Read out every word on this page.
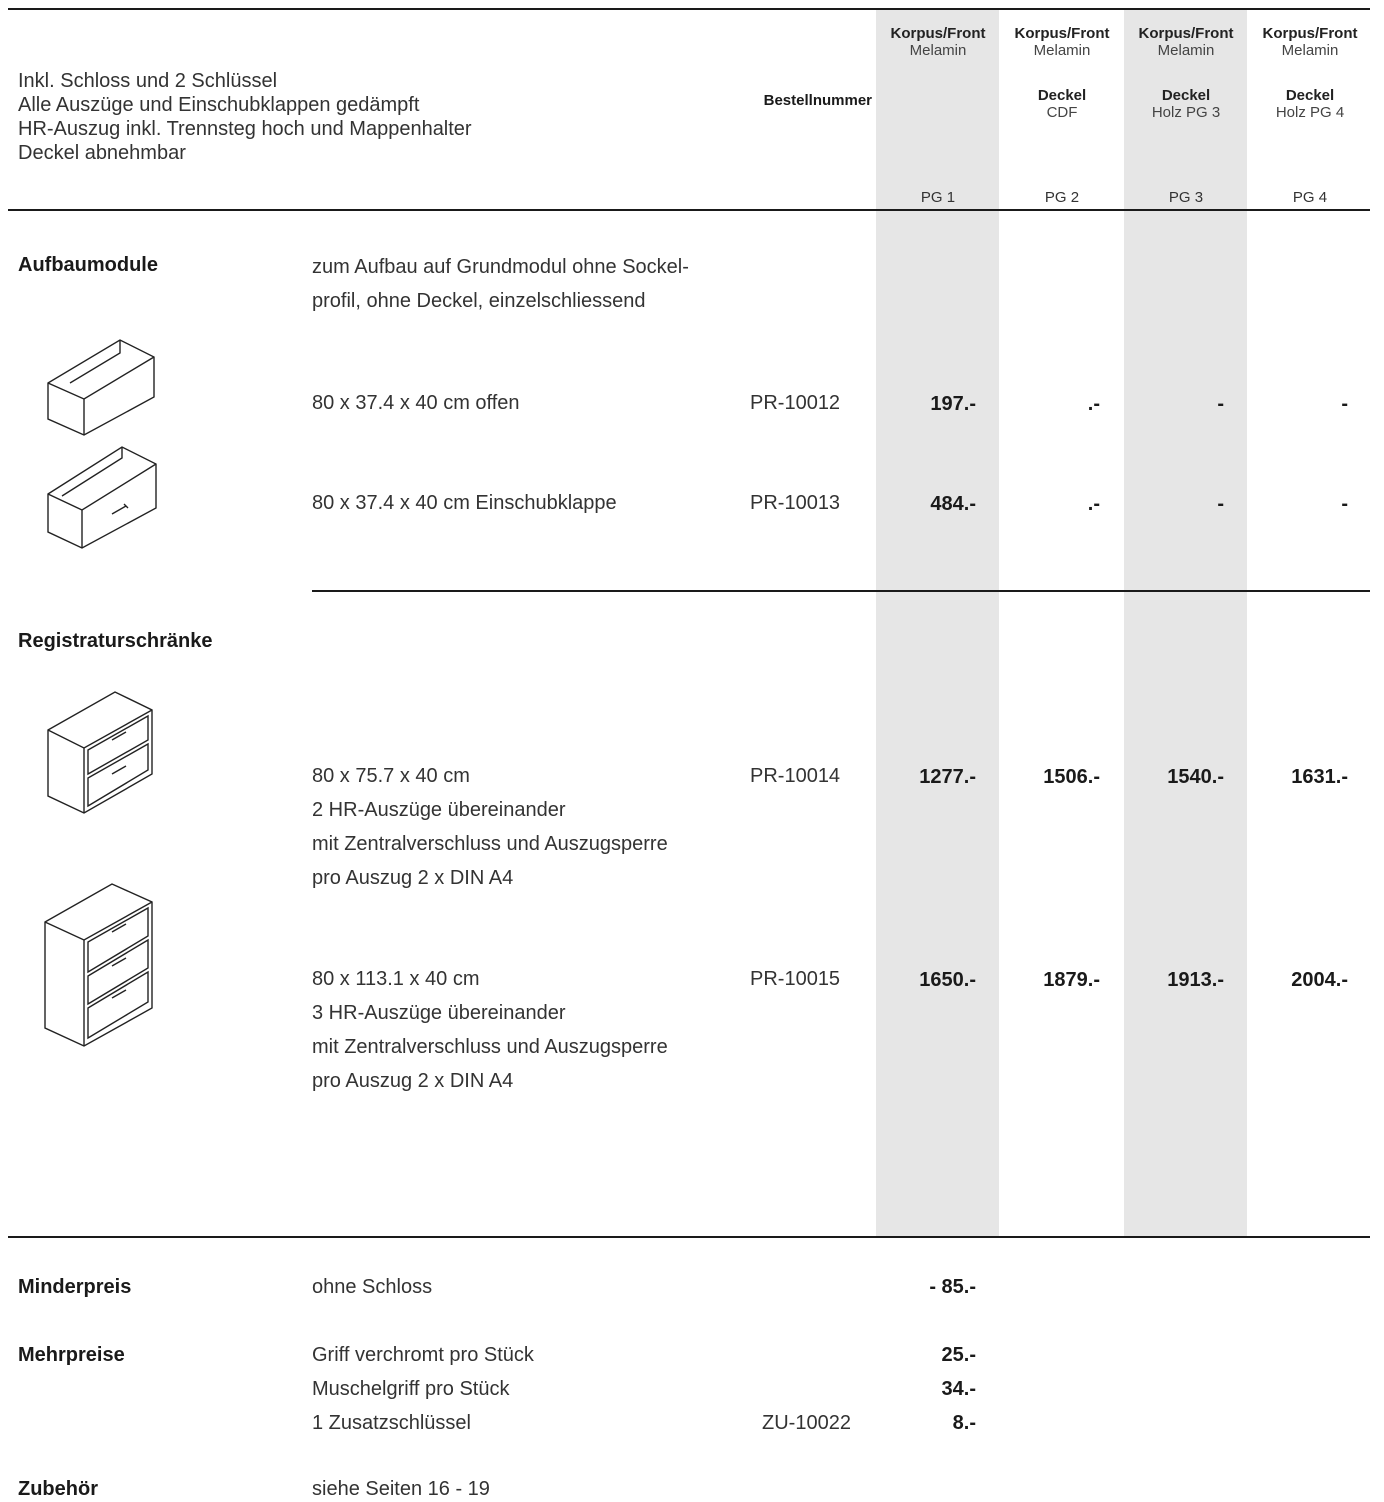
Inkl. Schloss und 2 Schlüssel
Alle Auszüge und Einschubklappen gedämpft
HR-Auszug inkl. Trennsteg hoch und Mappenhalter
Deckel abnehmbar
Bestellnummer
Korpus/Front
Melamin
Korpus/Front
Melamin
Deckel
CDF
Korpus/Front
Melamin
Deckel
Holz PG 3
Korpus/Front
Melamin
Deckel
Holz PG 4
PG 1	PG 2	PG 3	PG 4
Aufbaumodule	zum Aufbau auf Grundmodul ohne Sockel-
profil, ohne Deckel, einzelschliessend
80 x 37.4 x 40 cm offen	PR-10012	197.-	.-	-	-
80 x 37.4 x 40 cm Einschubklappe	PR-10013	484.-	.-	-	-
Registraturschränke
80 x 75.7 x 40 cm
2 HR-Auszüge übereinander
mit Zentralverschluss und Auszugsperre
pro Auszug 2 x DIN A4
PR-10014	1277.-	1506.-	1540.-	1631.-
80 x 113.1 x 40 cm
3 HR-Auszüge übereinander
mit Zentralverschluss und Auszugsperre
pro Auszug 2 x DIN A4
PR-10015	1650.-	1879.-	1913.-	2004.-
Minderpreis	ohne Schloss	- 85.-
Mehrpreise	Griff verchromt pro Stück	25.-
Muschelgriff pro Stück	34.-
1 Zusatzschlüssel	ZU-10022	8.-
Zubehör	siehe Seiten 16 - 19
